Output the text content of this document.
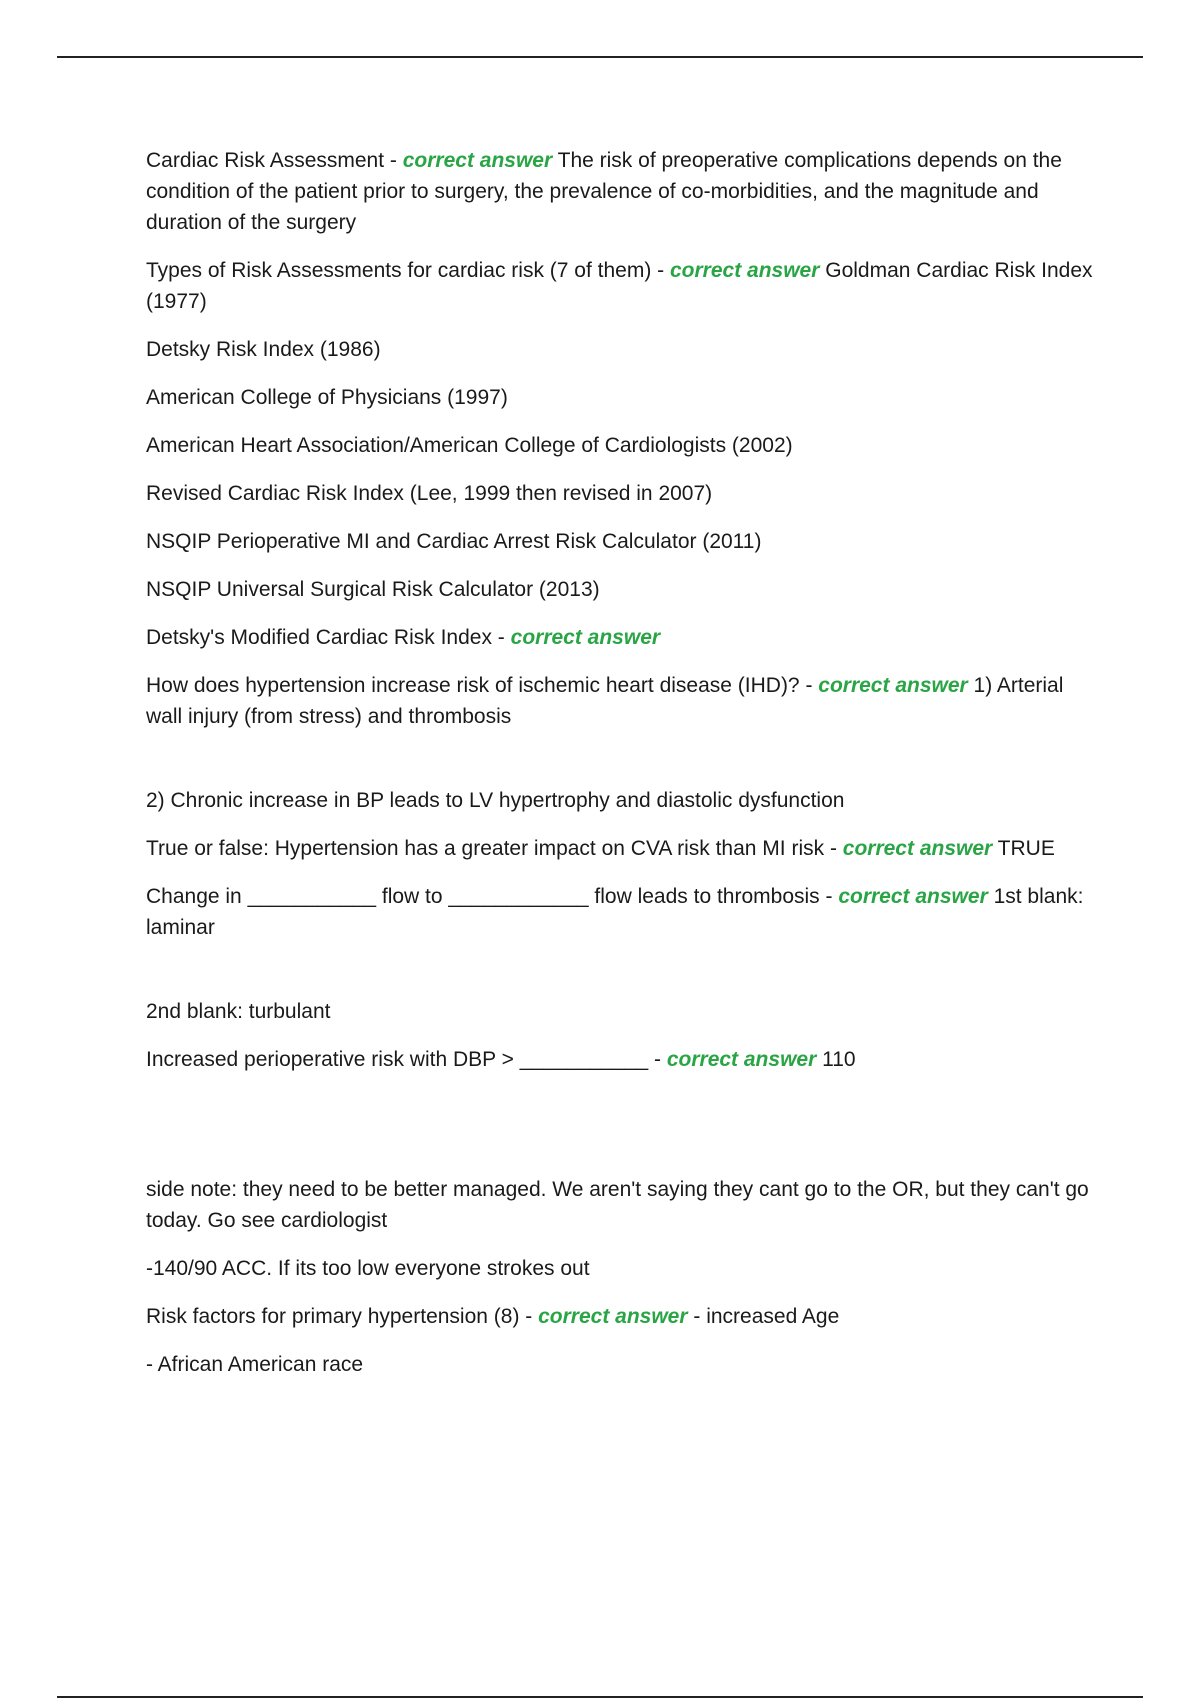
Cardiac Risk Assessment - correct answer The risk of preoperative complications depends on the condition of the patient prior to surgery, the prevalence of co-morbidities, and the magnitude and duration of the surgery

Types of Risk Assessments for cardiac risk (7 of them) - correct answer Goldman Cardiac Risk Index (1977)

Detsky Risk Index (1986)

American College of Physicians (1997)

American Heart Association/American College of Cardiologists (2002)

Revised Cardiac Risk Index (Lee, 1999 then revised in 2007)

NSQIP Perioperative MI and Cardiac Arrest Risk Calculator (2011)

NSQIP Universal Surgical Risk Calculator (2013)

Detsky's Modified Cardiac Risk Index - correct answer

How does hypertension increase risk of ischemic heart disease (IHD)? - correct answer 1) Arterial wall injury (from stress) and thrombosis

2) Chronic increase in BP leads to LV hypertrophy and diastolic dysfunction

True or false: Hypertension has a greater impact on CVA risk than MI risk - correct answer TRUE

Change in ___________ flow to ____________ flow leads to thrombosis - correct answer 1st blank: laminar

2nd blank: turbulant

Increased perioperative risk with DBP > ___________ - correct answer 110

side note: they need to be better managed. We aren't saying they cant go to the OR, but they can't go today. Go see cardiologist

-140/90 ACC. If its too low everyone strokes out

Risk factors for primary hypertension (8) - correct answer - increased Age

- African American race
